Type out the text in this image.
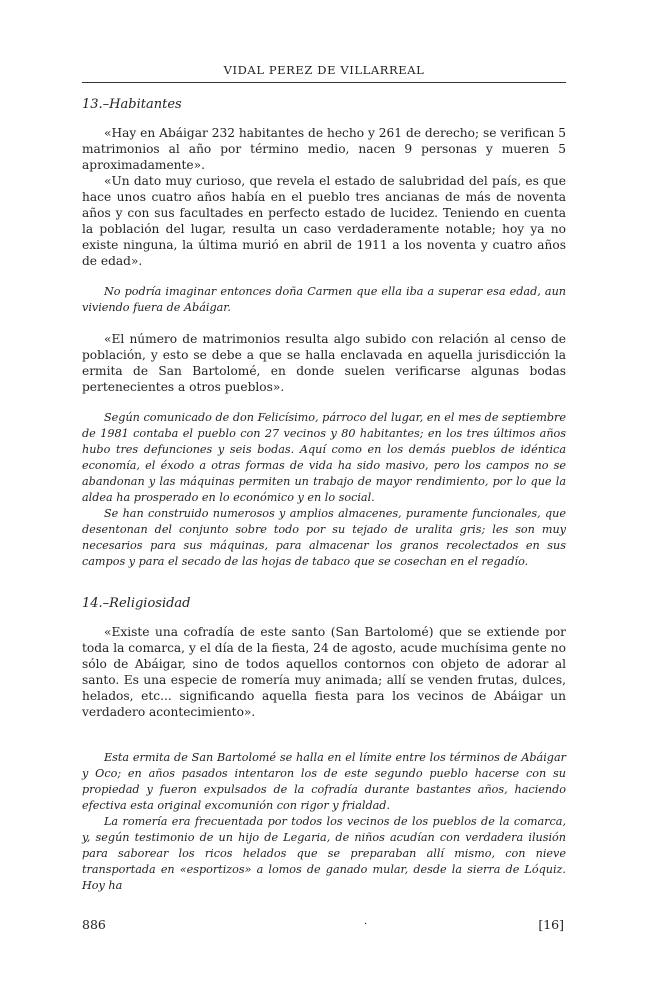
VIDAL PEREZ DE VILLARREAL
13.–Habitantes

«Hay en Abáigar 232 habitantes de hecho y 261 de derecho; se verifican 5 matrimonios al año por término medio, nacen 9 personas y mueren 5 aproximadamente».

«Un dato muy curioso, que revela el estado de salubridad del país, es que hace unos cuatro años había en el pueblo tres ancianas de más de noventa años y con sus facultades en perfecto estado de lucidez. Teniendo en cuenta la población del lugar, resulta un caso verdaderamente notable; hoy ya no existe ninguna, la última murió en abril de 1911 a los noventa y cuatro años de edad».

No podría imaginar entonces doña Carmen que ella iba a superar esa edad, aun viviendo fuera de Abáigar.

«El número de matrimonios resulta algo subido con relación al censo de población, y esto se debe a que se halla enclavada en aquella jurisdicción la ermita de San Bartolomé, en donde suelen verificarse algunas bodas pertenecientes a otros pueblos».

Según comunicado de don Felicísimo, párroco del lugar, en el mes de septiembre de 1981 contaba el pueblo con 27 vecinos y 80 habitantes; en los tres últimos años hubo tres defunciones y seis bodas. Aquí como en los demás pueblos de idéntica economía, el éxodo a otras formas de vida ha sido masivo, pero los campos no se abandonan y las máquinas permiten un trabajo de mayor rendimiento, por lo que la aldea ha prosperado en lo económico y en lo social.

Se han construido numerosos y amplios almacenes, puramente funcionales, que desentonan del conjunto sobre todo por su tejado de uralita gris; les son muy necesarios para sus máquinas, para almacenar los granos recolectados en sus campos y para el secado de las hojas de tabaco que se cosechan en el regadío.

14.–Religiosidad

«Existe una cofradía de este santo (San Bartolomé) que se extiende por toda la comarca, y el día de la fiesta, 24 de agosto, acude muchísima gente no sólo de Abáigar, sino de todos aquellos contornos con objeto de adorar al santo. Es una especie de romería muy animada; allí se venden frutas, dulces, helados, etc... significando aquella fiesta para los vecinos de Abáigar un verdadero acontecimiento».

Esta ermita de San Bartolomé se halla en el límite entre los términos de Abáigar y Oco; en años pasados intentaron los de este segundo pueblo hacerse con su propiedad y fueron expulsados de la cofradía durante bastantes años, haciendo efectiva esta original excomunión con rigor y frialdad.

La romería era frecuentada por todos los vecinos de los pueblos de la comarca, y, según testimonio de un hijo de Legaria, de niños acudían con verdadera ilusión para saborear los ricos helados que se preparaban allí mismo, con nieve transportada en «esportizos» a lomos de ganado mular, desde la sierra de Lóquiz. Hoy ha

886	·	[16]
